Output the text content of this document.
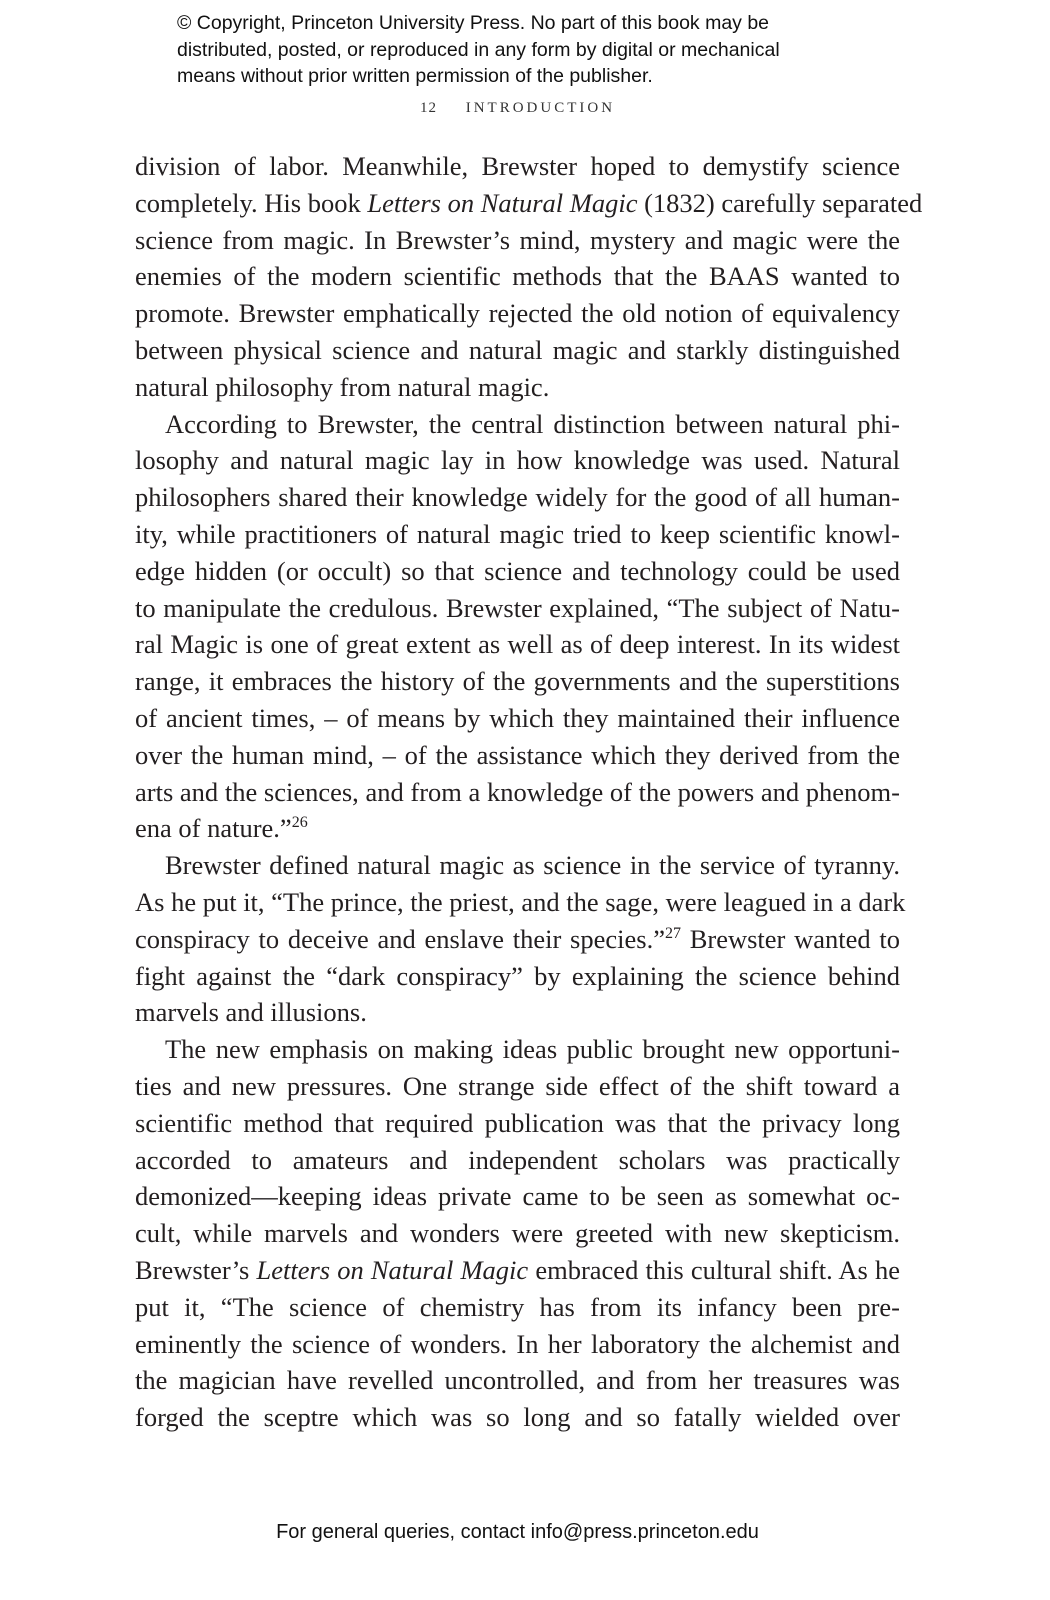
© Copyright, Princeton University Press. No part of this book may be
distributed, posted, or reproduced in any form by digital or mechanical
means without prior written permission of the publisher.
12 INTRODUCTION
division of labor. Meanwhile, Brewster hoped to demystify science
completely. His book Letters on Natural Magic (1832) carefully separated
science from magic. In Brewster’s mind, mystery and magic were the
enemies of the modern scientific methods that the BAAS wanted to
promote. Brewster emphatically rejected the old notion of equivalency
between physical science and natural magic and starkly distinguished
natural philosophy from natural magic.
According to Brewster, the central distinction between natural phi-
losophy and natural magic lay in how knowledge was used. Natural
philosophers shared their knowledge widely for the good of all human-
ity, while practitioners of natural magic tried to keep scientific knowl-
edge hidden (or occult) so that science and technology could be used
to manipulate the credulous. Brewster explained, “The subject of Natu-
ral Magic is one of great extent as well as of deep interest. In its widest
range, it embraces the history of the governments and the superstitions
of ancient times, – of means by which they maintained their influence
over the human mind, – of the assistance which they derived from the
arts and the sciences, and from a knowledge of the powers and phenom-
ena of nature.”$^{26}$
Brewster defined natural magic as science in the service of tyranny.
As he put it, “The prince, the priest, and the sage, were leagued in a dark
conspiracy to deceive and enslave their species.”$^{27}$ Brewster wanted to
fight against the “dark conspiracy” by explaining the science behind
marvels and illusions.
The new emphasis on making ideas public brought new opportuni-
ties and new pressures. One strange side effect of the shift toward a
scientific method that required publication was that the privacy long
accorded to amateurs and independent scholars was practically
demonized—keeping ideas private came to be seen as somewhat oc-
cult, while marvels and wonders were greeted with new skepticism.
Brewster’s Letters on Natural Magic embraced this cultural shift. As he
put it, “The science of chemistry has from its infancy been pre-
eminently the science of wonders. In her laboratory the alchemist and
the magician have revelled uncontrolled, and from her treasures was
forged the sceptre which was so long and so fatally wielded over
For general queries, contact info@press.princeton.edu
